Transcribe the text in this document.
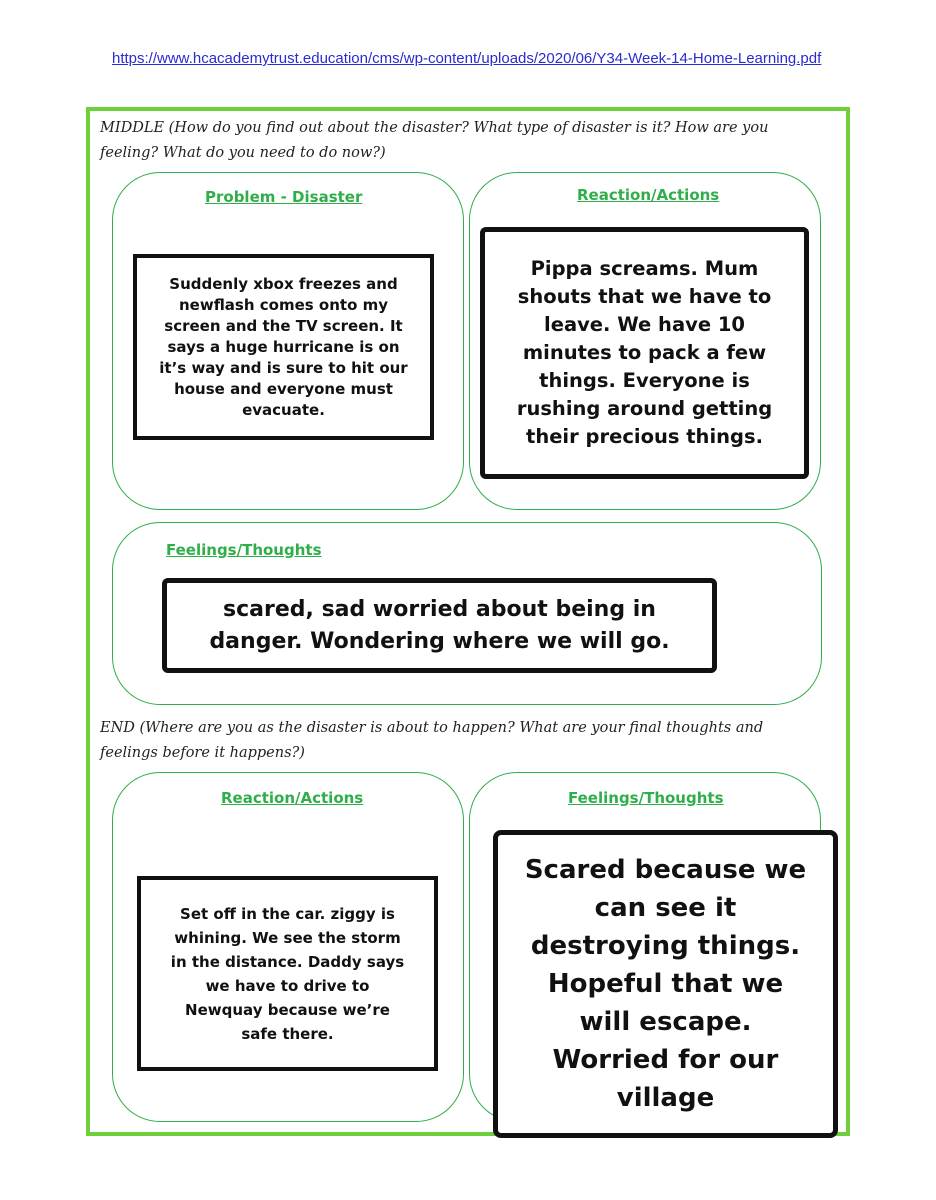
https://www.hcacademytrust.education/cms/wp-content/uploads/2020/06/Y34-Week-14-Home-Learning.pdf
MIDDLE (How do you find out about the disaster? What type of disaster is it? How are you feeling? What do you need to do now?)
Problem - Disaster
Suddenly xbox freezes and newflash comes onto my screen and the TV screen. It says a huge hurricane is on it’s way and is sure to hit our house and everyone must evacuate.
Reaction/Actions
Pippa screams. Mum shouts that we have to leave. We have 10 minutes to pack a few things. Everyone is rushing around getting their precious things.
Feelings/Thoughts
scared, sad worried about being in danger. Wondering where we will go.
END (Where are you as the disaster is about to happen? What are your final thoughts and feelings before it happens?)
Reaction/Actions
Set off in the car. ziggy is whining. We see the storm in the distance. Daddy says we have to drive to Newquay because we’re safe there.
Feelings/Thoughts
Scared because we can see it destroying things. Hopeful that we will escape. Worried for our village
